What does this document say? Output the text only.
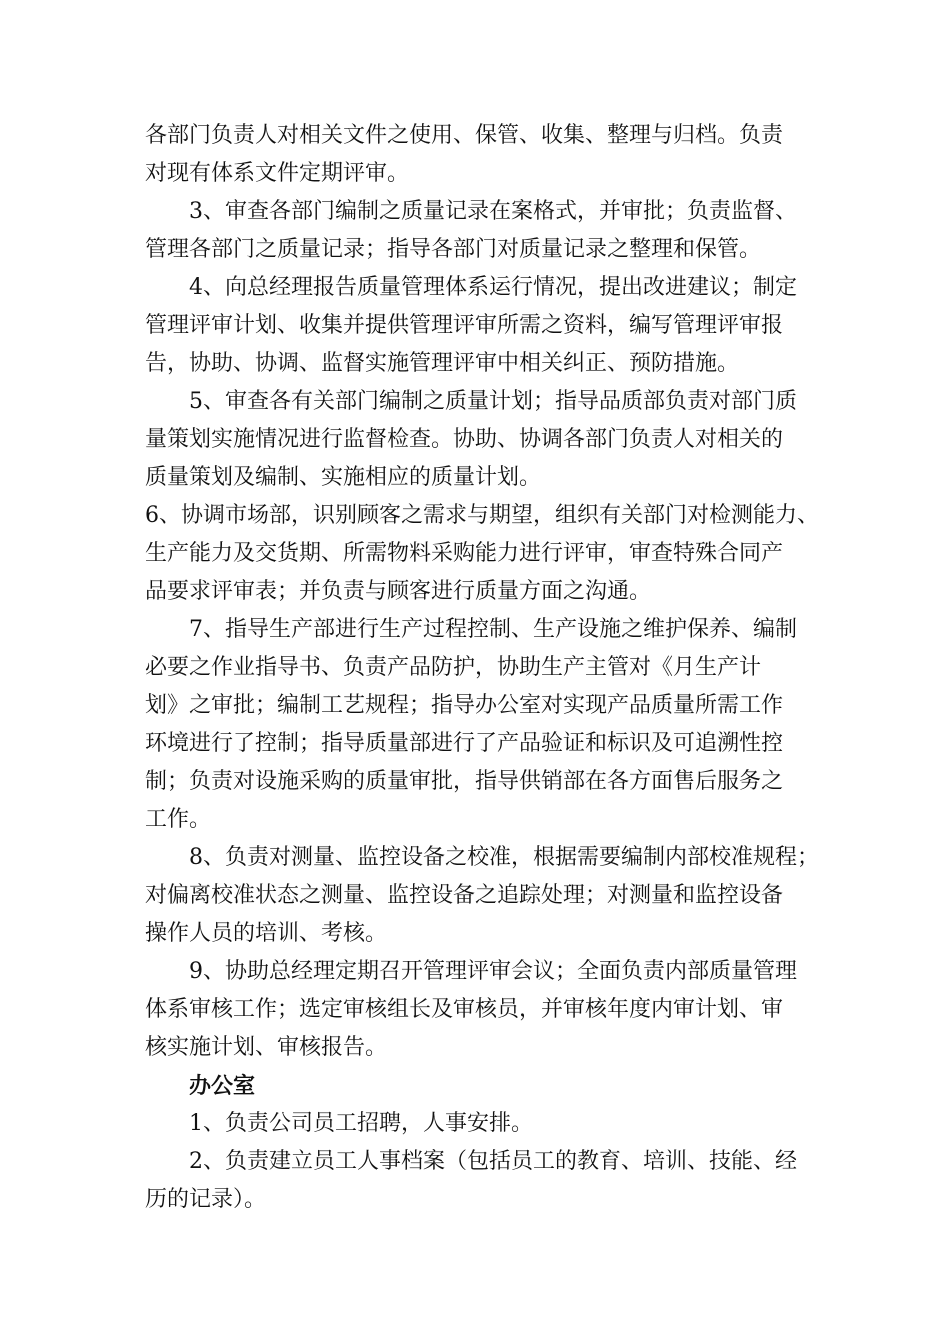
各部门负责人对相关文件之使用、保管、收集、整理与归档。负责
对现有体系文件定期评审。
3、审查各部门编制之质量记录在案格式，并审批；负责监督、
管理各部门之质量记录；指导各部门对质量记录之整理和保管。
4、向总经理报告质量管理体系运行情况，提出改进建议；制定
管理评审计划、收集并提供管理评审所需之资料，编写管理评审报
告，协助、协调、监督实施管理评审中相关纠正、预防措施。
5、审查各有关部门编制之质量计划；指导品质部负责对部门质
量策划实施情况进行监督检查。协助、协调各部门负责人对相关的
质量策划及编制、实施相应的质量计划。
6、协调市场部，识别顾客之需求与期望，组织有关部门对检测能力、
生产能力及交货期、所需物料采购能力进行评审，审查特殊合同产
品要求评审表；并负责与顾客进行质量方面之沟通。
7、指导生产部进行生产过程控制、生产设施之维护保养、编制
必要之作业指导书、负责产品防护，协助生产主管对《月生产计
划》之审批；编制工艺规程；指导办公室对实现产品质量所需工作
环境进行了控制；指导质量部进行了产品验证和标识及可追溯性控
制；负责对设施采购的质量审批，指导供销部在各方面售后服务之
工作。
8、负责对测量、监控设备之校准，根据需要编制内部校准规程；
对偏离校准状态之测量、监控设备之追踪处理；对测量和监控设备
操作人员的培训、考核。
9、协助总经理定期召开管理评审会议；全面负责内部质量管理
体系审核工作；选定审核组长及审核员，并审核年度内审计划、审
核实施计划、审核报告。
办公室
1、负责公司员工招聘，人事安排。
2、负责建立员工人事档案（包括员工的教育、培训、技能、经
历的记录）。
